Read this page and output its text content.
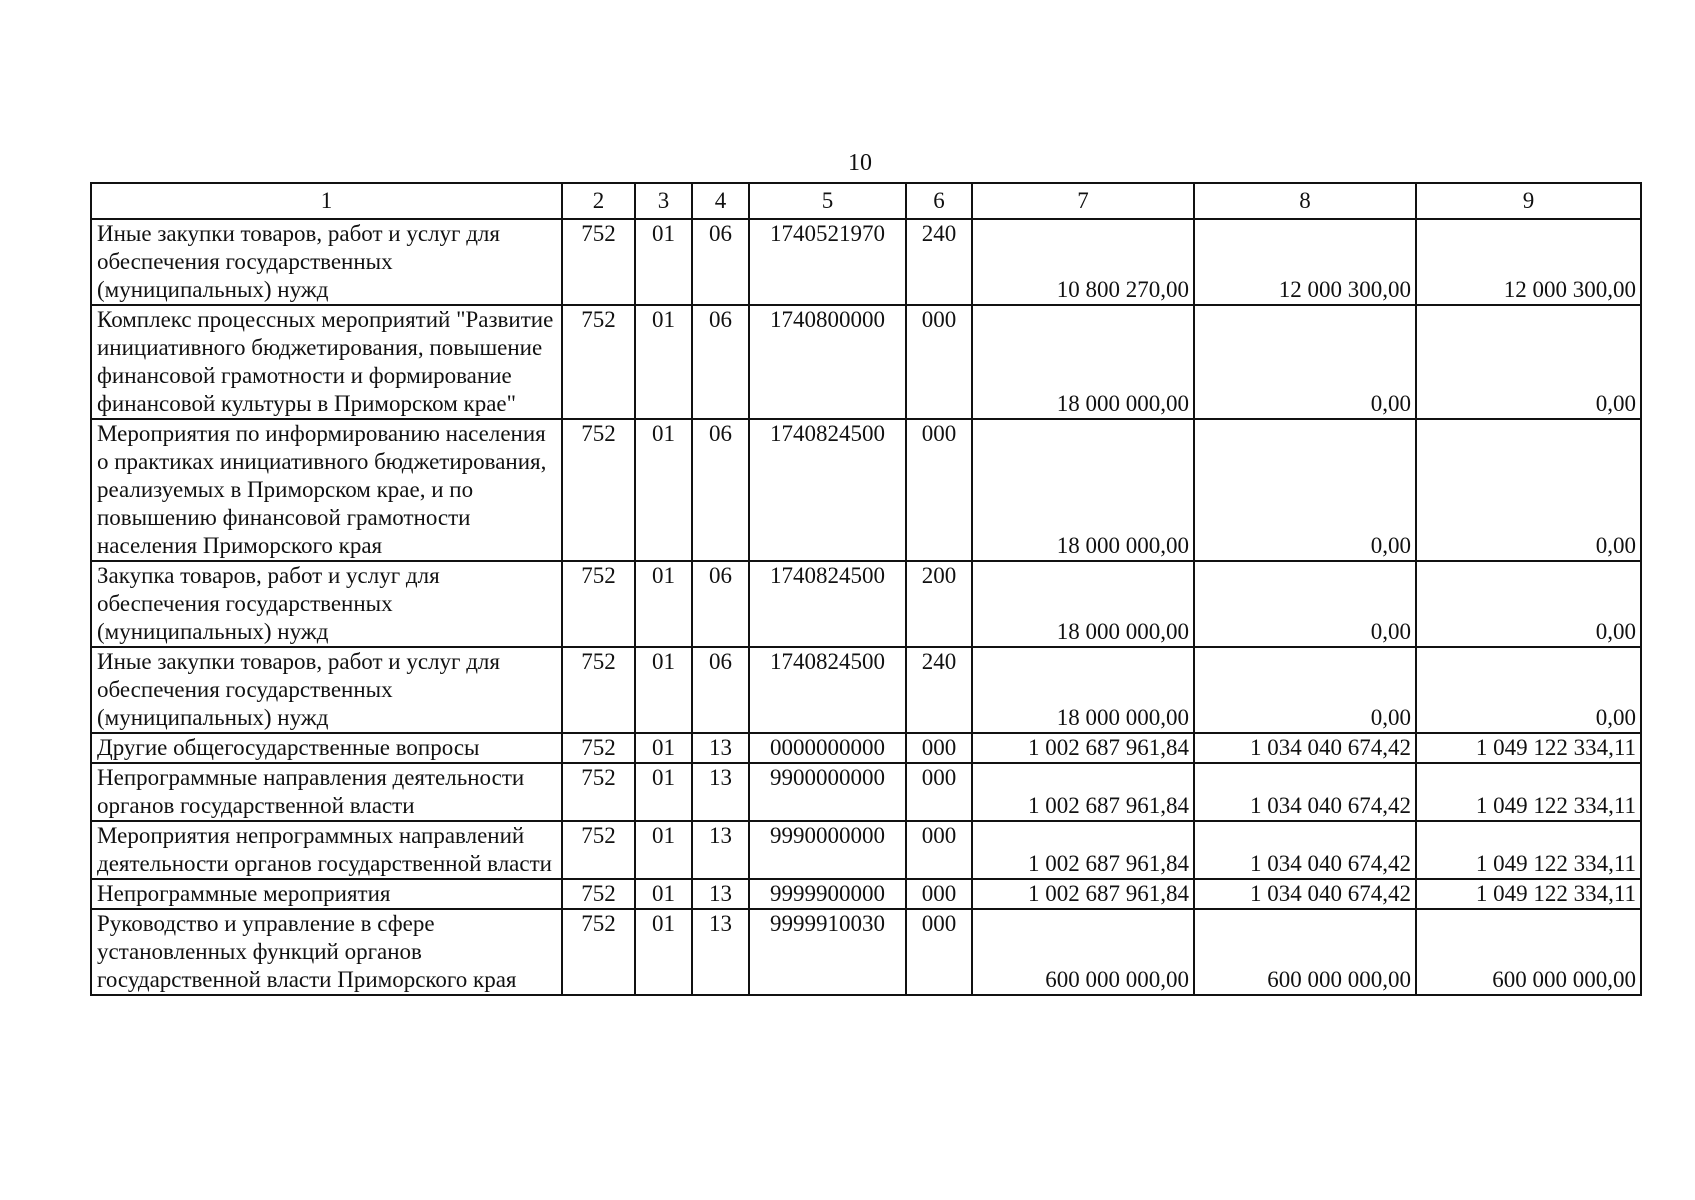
10
1	2	3	4	5	6	7	8	9
Иные закупки товаров, работ и услуг для обеспечения государственных (муниципальных) нужд	752	01	06	1740521970	240	10 800 270,00	12 000 300,00	12 000 300,00
Комплекс процессных мероприятий "Развитие инициативного бюджетирования, повышение финансовой грамотности и формирование финансовой культуры в Приморском крае"	752	01	06	1740800000	000	18 000 000,00	0,00	0,00
Мероприятия по информированию населения о практиках инициативного бюджетирования, реализуемых в Приморском крае, и по повышению финансовой грамотности населения Приморского края	752	01	06	1740824500	000	18 000 000,00	0,00	0,00
Закупка товаров, работ и услуг для обеспечения государственных (муниципальных) нужд	752	01	06	1740824500	200	18 000 000,00	0,00	0,00
Иные закупки товаров, работ и услуг для обеспечения государственных (муниципальных) нужд	752	01	06	1740824500	240	18 000 000,00	0,00	0,00
Другие общегосударственные вопросы	752	01	13	0000000000	000	1 002 687 961,84	1 034 040 674,42	1 049 122 334,11
Непрограммные направления деятельности органов государственной власти	752	01	13	9900000000	000	1 002 687 961,84	1 034 040 674,42	1 049 122 334,11
Мероприятия непрограммных направлений деятельности органов государственной власти	752	01	13	9990000000	000	1 002 687 961,84	1 034 040 674,42	1 049 122 334,11
Непрограммные мероприятия	752	01	13	9999900000	000	1 002 687 961,84	1 034 040 674,42	1 049 122 334,11
Руководство и управление в сфере установленных функций органов государственной власти Приморского края	752	01	13	9999910030	000	600 000 000,00	600 000 000,00	600 000 000,00
